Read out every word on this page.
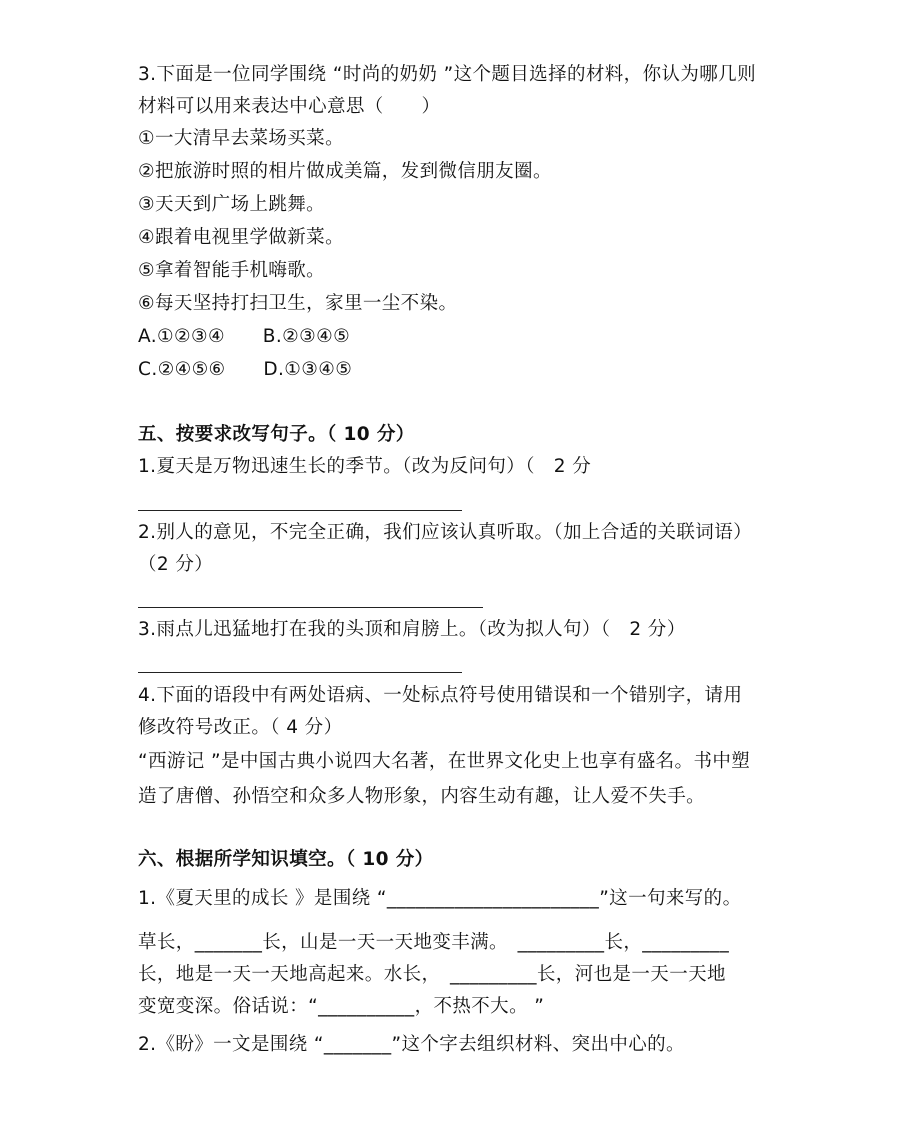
3.下面是一位同学围绕 “时尚的奶奶 ”这个题目选择的材料，你认为哪几则
材料可以用来表达中心意思（　　）
①一大清早去菜场买菜。
②把旅游时照的相片做成美篇，发到微信朋友圈。
③天天到广场上跳舞。
④跟着电视里学做新菜。
⑤拿着智能手机嗨歌。
⑥每天坚持打扫卫生，家里一尘不染。
A.①②③④　　B.②③④⑤
C.②④⑤⑥　　D.①③④⑤
五、按要求改写句子。（ 10 分）
1.夏天是万物迅速生长的季节。（改为反问句）（　2 分
2.别人的意见，不完全正确，我们应该认真听取。（加上合适的关联词语）
（2 分）
3.雨点儿迅猛地打在我的头顶和肩膀上。（改为拟人句）（　2 分）
4.下面的语段中有两处语病、一处标点符号使用错误和一个错别字，请用
修改符号改正。（ 4 分）
“西游记 ”是中国古典小说四大名著，在世界文化史上也享有盛名。书中塑
造了唐僧、孙悟空和众多人物形象，内容生动有趣，让人爱不失手。
六、根据所学知识填空。（ 10 分）
1.《夏天里的成长 》是围绕 “______________________”这一句来写的。
草长，_______长，山是一天一天地变丰满。　_________长，_________
长，地是一天一天地高起来。水长，　_________长，河也是一天一天地
变宽变深。俗话说：“__________，不热不大。 ”
2.《盼》一文是围绕 “_______”这个字去组织材料、突出中心的。
